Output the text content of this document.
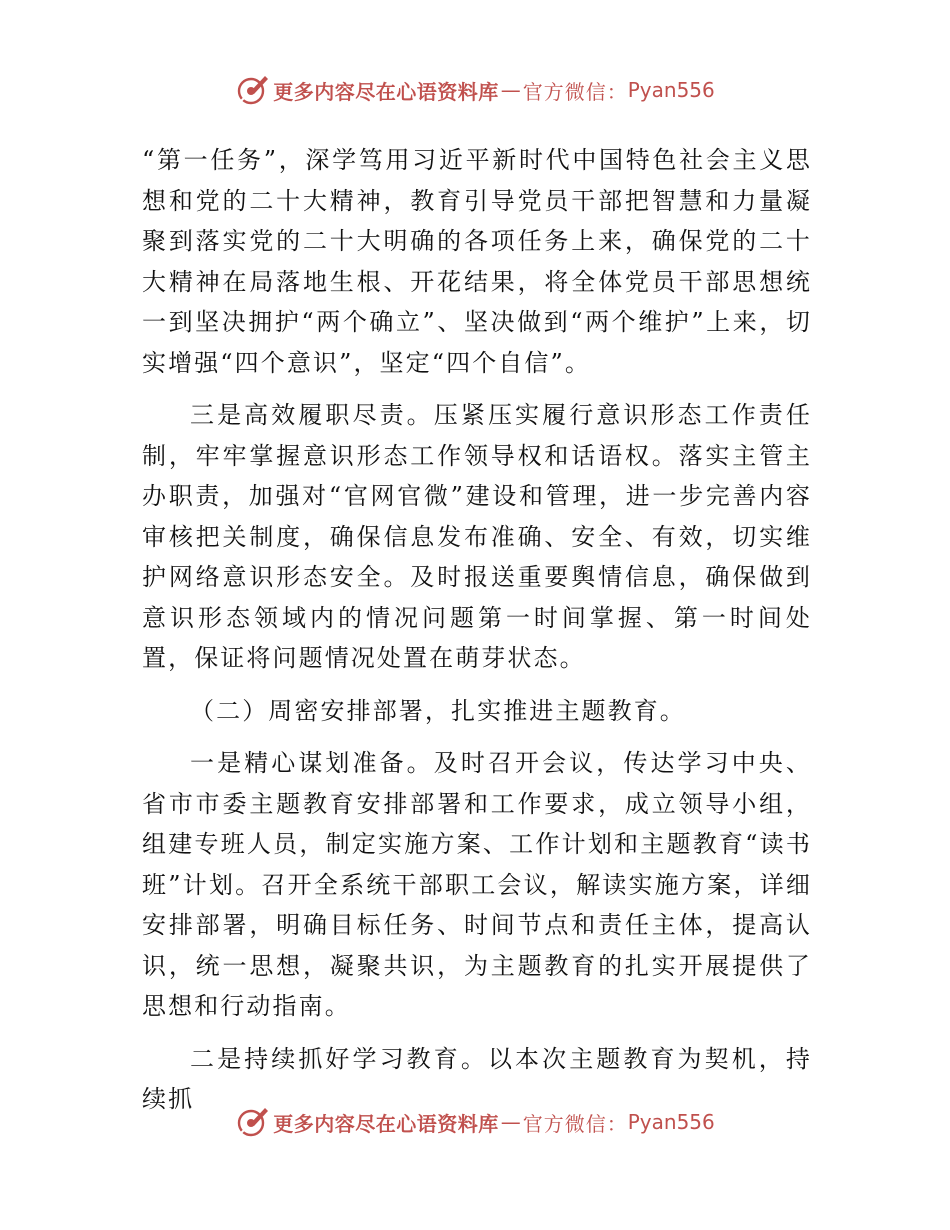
更多内容尽在心语资料库 — 官方微信： Pyan556

“第一任务”，深学笃用习近平新时代中国特色社会主义思想和党的二十大精神，教育引导党员干部把智慧和力量凝聚到落实党的二十大明确的各项任务上来，确保党的二十大精神在局落地生根、开花结果，将全体党员干部思想统一到坚决拥护“两个确立”、坚决做到“两个维护”上来，切实增强“四个意识”，坚定“四个自信”。

三是高效履职尽责。压紧压实履行意识形态工作责任制，牢牢掌握意识形态工作领导权和话语权。落实主管主办职责，加强对“官网官微”建设和管理，进一步完善内容审核把关制度，确保信息发布准确、安全、有效，切实维护网络意识形态安全。及时报送重要舆情信息，确保做到意识形态领域内的情况问题第一时间掌握、第一时间处置，保证将问题情况处置在萌芽状态。

（二）周密安排部署，扎实推进主题教育。

一是精心谋划准备。及时召开会议，传达学习中央、省市市委主题教育安排部署和工作要求，成立领导小组，组建专班人员，制定实施方案、工作计划和主题教育“读书班”计划。召开全系统干部职工会议，解读实施方案，详细安排部署，明确目标任务、时间节点和责任主体，提高认识，统一思想，凝聚共识，为主题教育的扎实开展提供了思想和行动指南。

二是持续抓好学习教育。以本次主题教育为契机，持续抓

更多内容尽在心语资料库 — 官方微信： Pyan556
